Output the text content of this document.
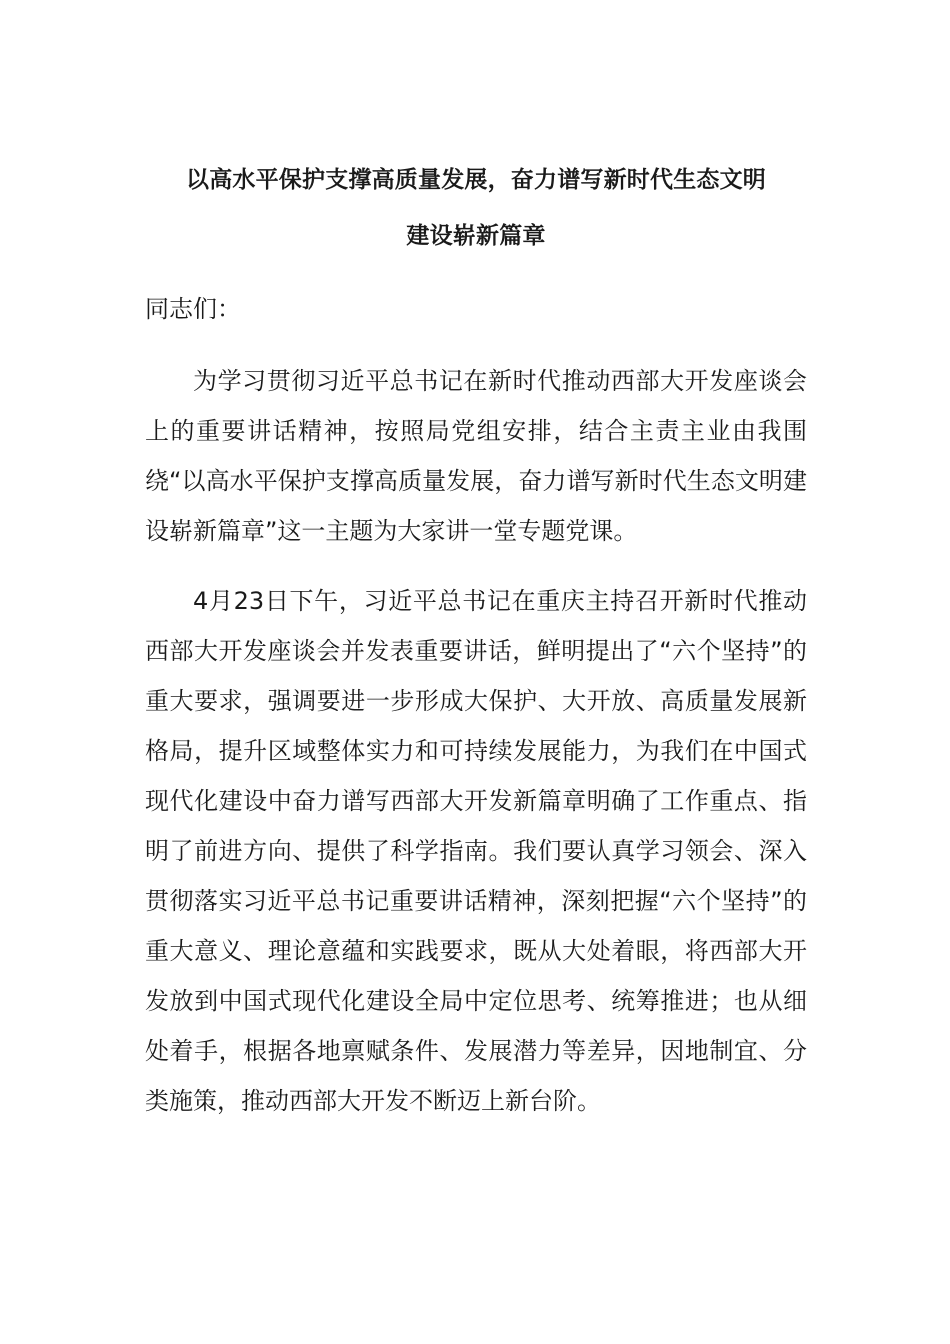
以高水平保护支撑高质量发展，奋力谱写新时代生态文明
建设崭新篇章

同志们：

为学习贯彻习近平总书记在新时代推动西部大开发座谈会上的重要讲话精神，按照局党组安排，结合主责主业由我围绕“以高水平保护支撑高质量发展，奋力谱写新时代生态文明建设崭新篇章”这一主题为大家讲一堂专题党课。

4月23日下午，习近平总书记在重庆主持召开新时代推动西部大开发座谈会并发表重要讲话，鲜明提出了“六个坚持”的重大要求，强调要进一步形成大保护、大开放、高质量发展新格局，提升区域整体实力和可持续发展能力，为我们在中国式现代化建设中奋力谱写西部大开发新篇章明确了工作重点、指明了前进方向、提供了科学指南。我们要认真学习领会、深入贯彻落实习近平总书记重要讲话精神，深刻把握“六个坚持”的重大意义、理论意蕴和实践要求，既从大处着眼，将西部大开发放到中国式现代化建设全局中定位思考、统筹推进；也从细处着手，根据各地禀赋条件、发展潜力等差异，因地制宜、分类施策，推动西部大开发不断迈上新台阶。
